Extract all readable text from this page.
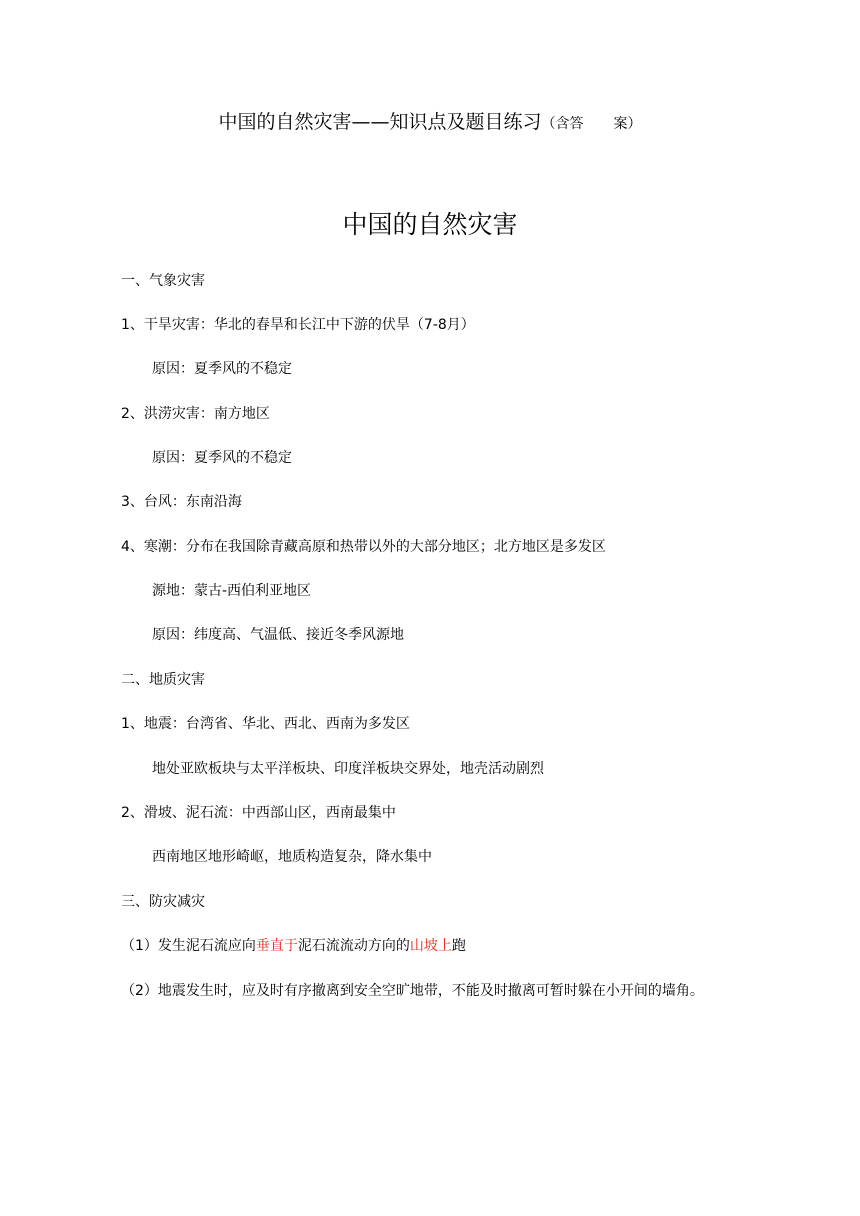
中国的自然灾害——知识点及题目练习（含答 案）
中国的自然灾害
一、气象灾害
1、干旱灾害：华北的春旱和长江中下游的伏旱（7-8月）
原因：夏季风的不稳定
2、洪涝灾害：南方地区
原因：夏季风的不稳定
3、台风：东南沿海
4、寒潮：分布在我国除青藏高原和热带以外的大部分地区；北方地区是多发区
源地：蒙古-西伯利亚地区
原因：纬度高、气温低、接近冬季风源地
二、地质灾害
1、地震：台湾省、华北、西北、西南为多发区
地处亚欧板块与太平洋板块、印度洋板块交界处，地壳活动剧烈
2、滑坡、泥石流：中西部山区，西南最集中
西南地区地形崎岖，地质构造复杂，降水集中
三、防灾减灾
（1）发生泥石流应向垂直于泥石流流动方向的山坡上跑
（2）地震发生时，应及时有序撤离到安全空旷地带，不能及时撤离可暂时躲在小开间的墙角。
